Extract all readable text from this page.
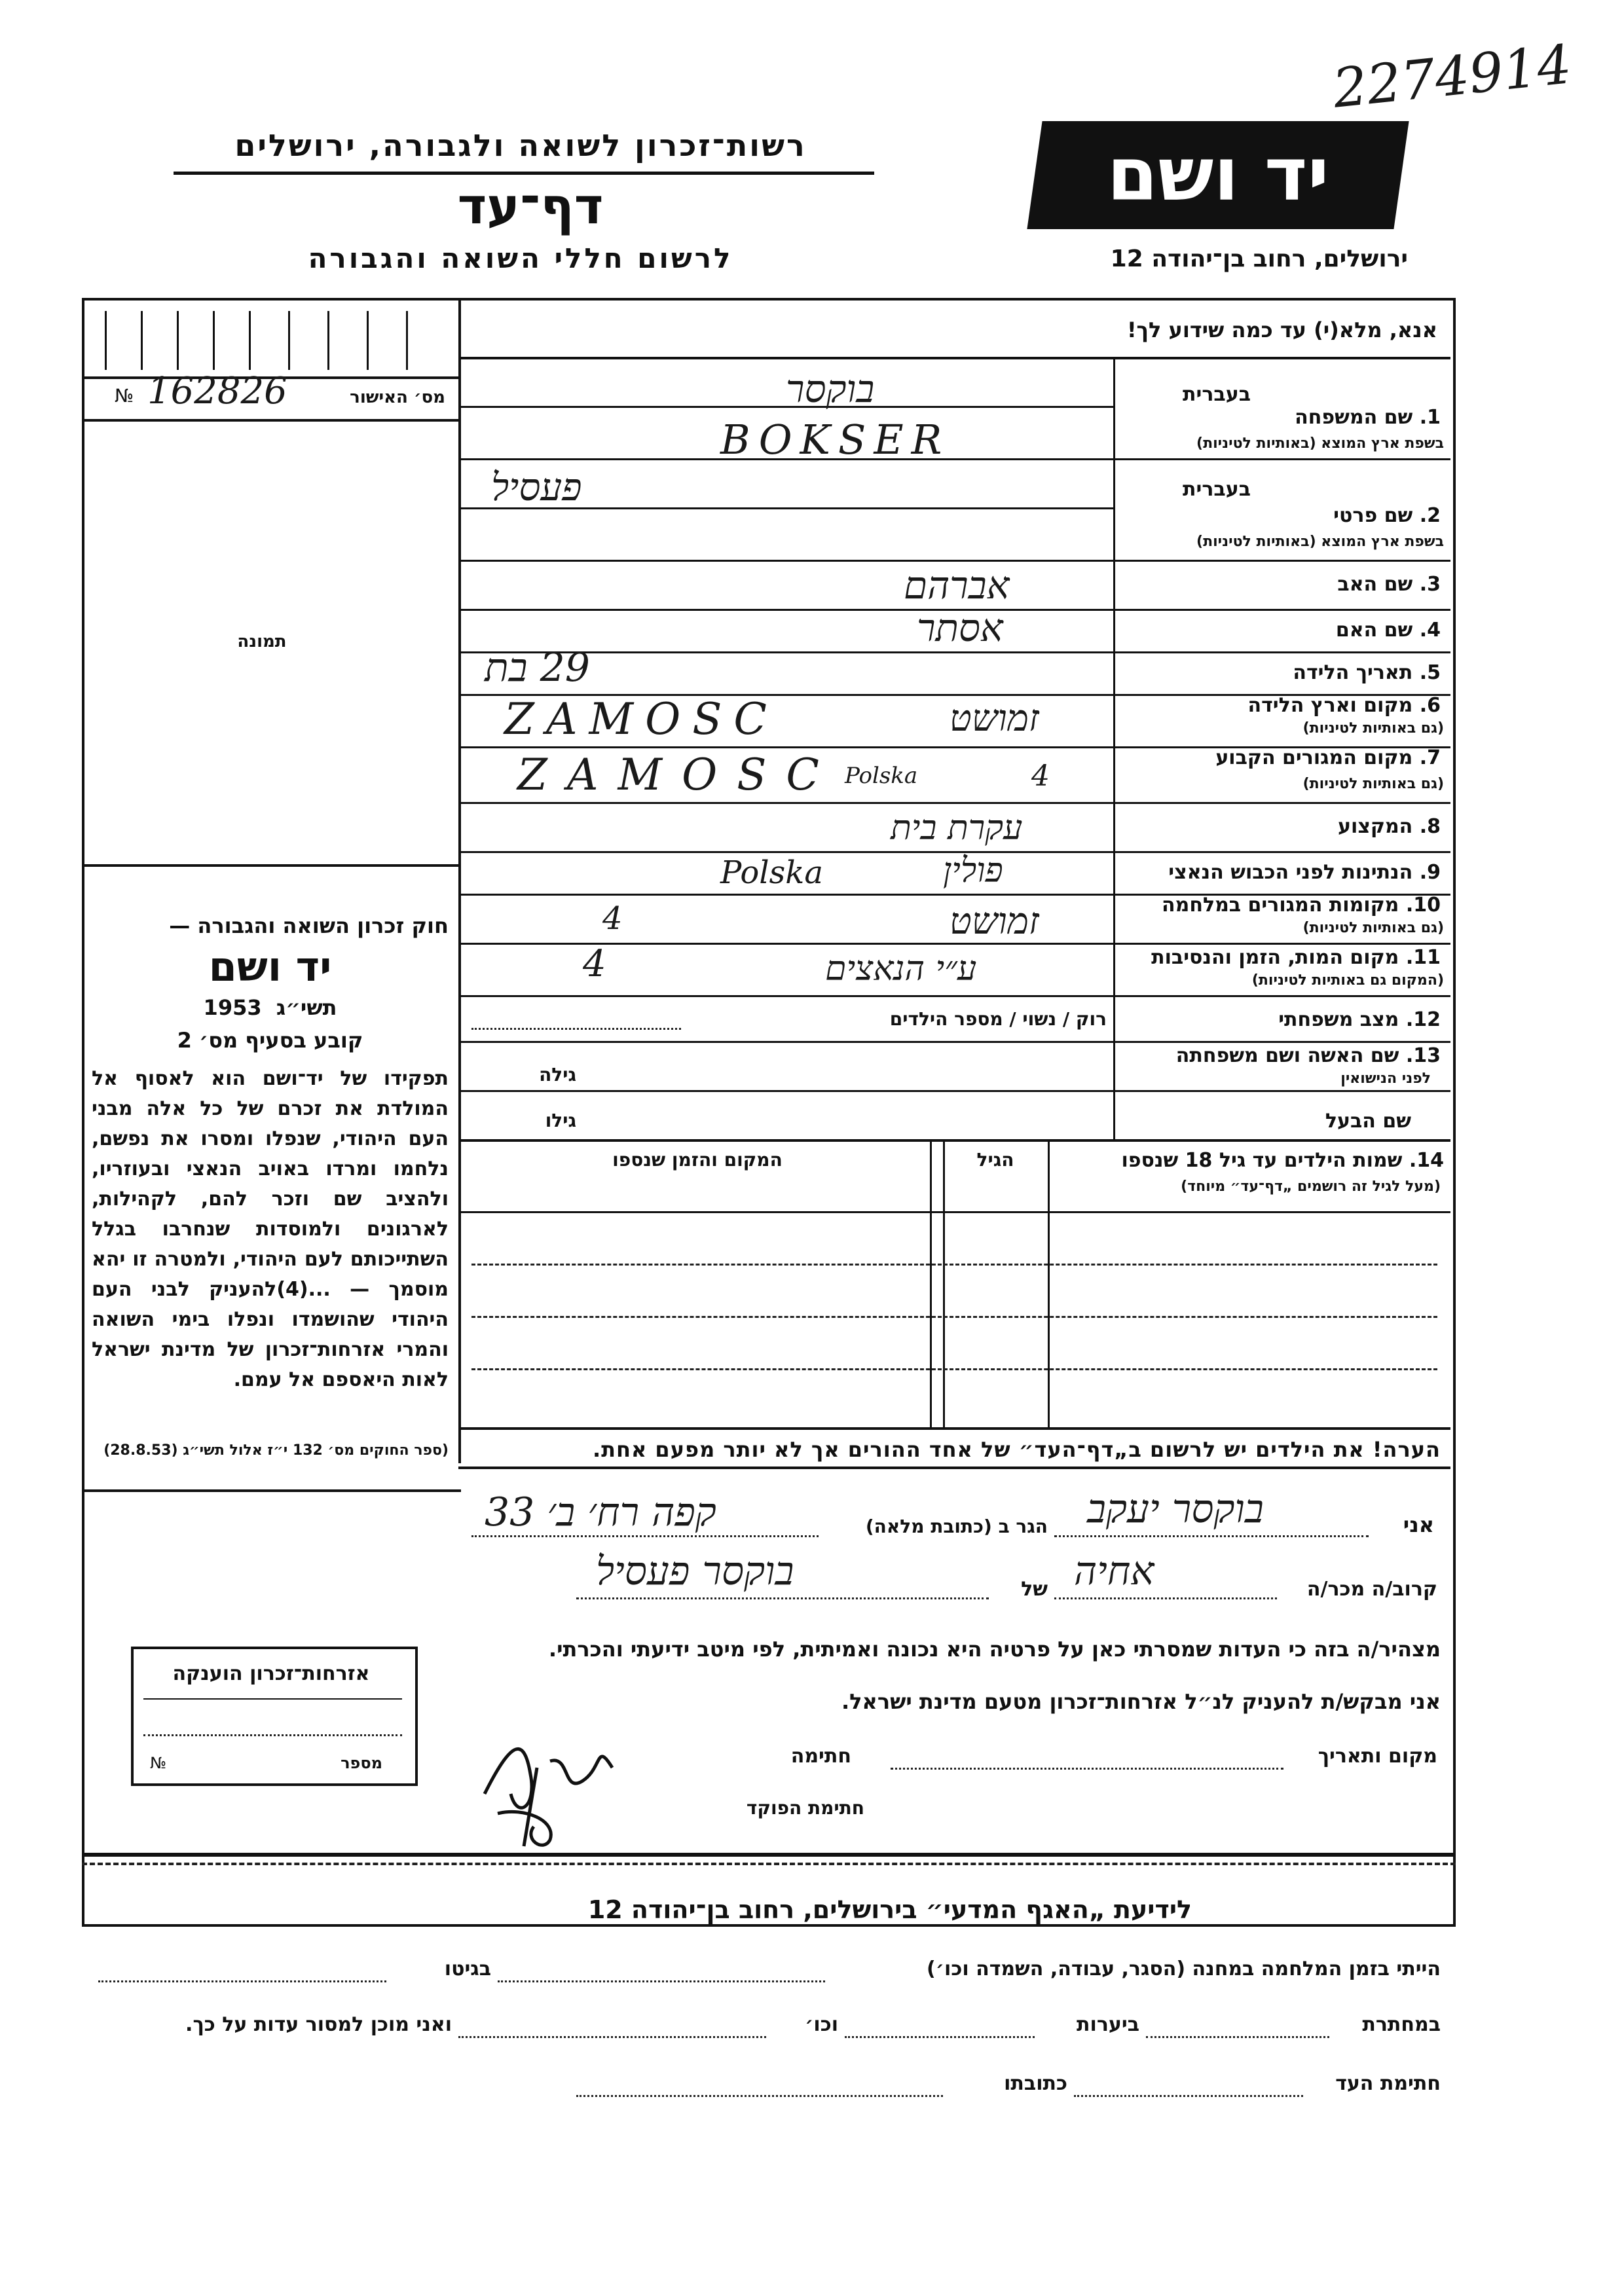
2274914
רשות־זכרון לשואה ולגבורה, ירושלים
דף־עד
לרשום חללי השואה והגבורה
יד ושם
ירושלים, רחוב בן־יהודה 12
אנא, מלא(י) עד כמה שידוע לך!
№ 162826	מס׳ האישור
תמונה
חוק זכרון השואה והגבורה —
יד ושם
1953 תשי״ג
קובע בסעיף מס׳ 2
תפקידו של יד־ושם הוא לאסוף אל המולדת את זכרם של כל אלה מבני העם היהודי, שנפלו ומסרו את נפשם, נלחמו ומרדו באויב הנאצי ובעוזריו, ולהציב שם וזכר להם, לקהילות, לארגונים ולמוסדות שנחרבו בגלל השתייכותם לעם היהודי, ולמטרה זו יהא מוסמך — ...(4)להעניק לבני העם היהודי שהושמדו ונפלו בימי השואה והמרי אזרחות־זכרון של מדינת ישראל לאות היאספם אל עמם.
(ספר החוקים מס׳ 132 י״ז אלול תשי״ג (28.8.53)
בעברית
1. שם המשפחה
בשפת ארץ המוצא (באותיות לטיניות)
בוקסר
BOKSER
בעברית
2. שם פרטי
בשפת ארץ המוצא (באותיות לטיניות)
פעסיל
3. שם האב
אברהם
4. שם האם
אסתר
5. תאריך הלידה
29 בת
6. מקום וארץ הלידה
(גם באותיות לטיניות)
ZAMOSC	זמושט
7. מקום המגורים הקבוע
(גם באותיות לטיניות)
ZAMOSC Polska	4
8. המקצוע
עקרת בית
9. הנתינות לפני הכבוש הנאצי
Polska	פולין
10. מקומות המגורים במלחמה
(גם באותיות לטיניות)
4	זמושט
11. מקום המות, הזמן והנסיבות
(המקום גם באותיות לטיניות)
4	ע״י הנאצים
12. מצב משפחתי
רוק / נשוי / מספר הילדים
13. שם האשה ושם משפחתה
לפני הנישואין
גילה
שם הבעל
גילו
14. שמות הילדים עד גיל 18 שנספו
(מעל לגיל זה רושמים „דף־עד״ מיוחד)
הגיל
המקום והזמן שנספו
הערה! את הילדים יש לרשום ב„דף־העד״ של אחד ההורים אך לא יותר מפעם אחת.
אני
בוקסר יעקב
הגר ב (כתובת מלאה)
קפה רח׳ ב׳ 33
קרוב/ה מכר/ה
אחיה
של
בוקסר פעסיל
מצהיר/ה בזה כי העדות שמסרתי כאן על פרטיה היא נכונה ואמיתית, לפי מיטב ידיעתי והכרתי.
אני מבקש/ת להעניק לנ״ל אזרחות־זכרון מטעם מדינת ישראל.
מקום ותאריך
חתימה
חתימת הפוקד
אזרחות־זכרון הוענקה
מספר
№
לידיעת „האגף המדעי״ בירושלים, רחוב בן־יהודה 12
הייתי בזמן המלחמה במחנה (הסגר, עבודה, השמדה וכו׳)
בגיטו
במחתרת
ביערות
וכו׳
ואני מוכן למסור עדות על כך.
חתימת העד
כתובתו
